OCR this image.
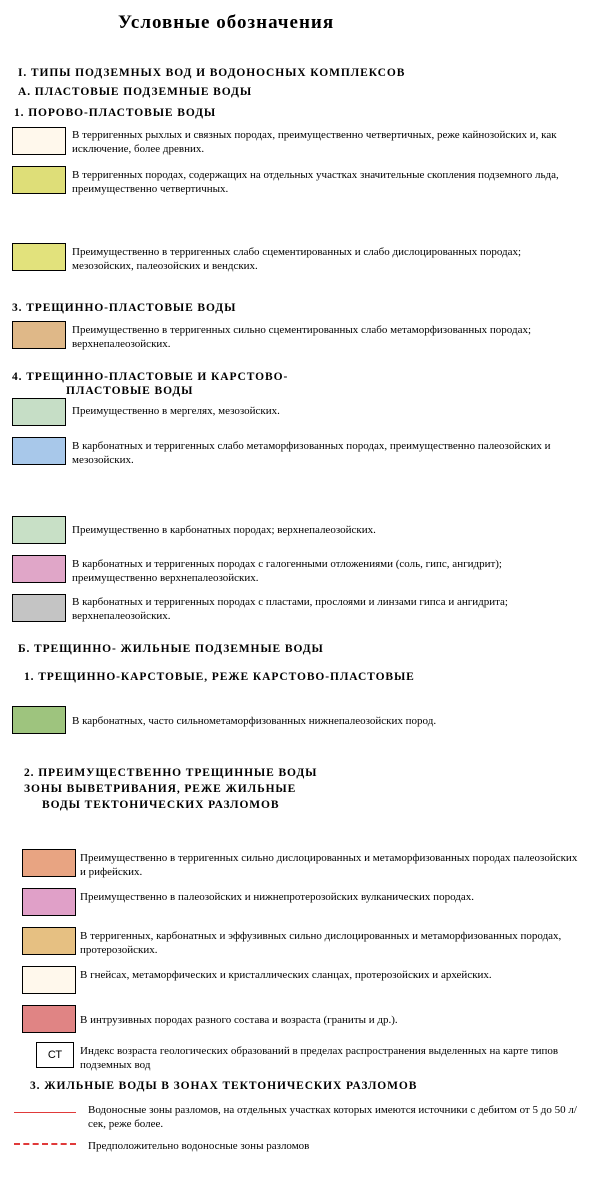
Условные обозначения
I. ТИПЫ ПОДЗЕМНЫХ ВОД И ВОДОНОСНЫХ КОМПЛЕКСОВ
А. ПЛАСТОВЫЕ ПОДЗЕМНЫЕ ВОДЫ
1. ПОРОВО-ПЛАСТОВЫЕ ВОДЫ
В терригенных рыхлых и связных породах, преимущественно четвертичных, реже кайнозойских и, как исключение, более древних.
В терригенных породах, содержащих на отдельных участках значительные скопления подземного льда, преимущественно четвертичных.
Преимущественно в терригенных слабо сцементированных и слабо дислоцированных породах; мезозойских, палеозойских и вендских.
3. ТРЕЩИННО-ПЛАСТОВЫЕ ВОДЫ
Преимущественно в терригенных сильно сцементированных слабо метаморфизованных породах; верхнепалеозойских.
4. ТРЕЩИННО-ПЛАСТОВЫЕ И КАРСТОВО-
ПЛАСТОВЫЕ ВОДЫ
Преимущественно в мергелях, мезозойских.
В карбонатных и терригенных слабо метаморфизованных породах, преимущественно палеозойских и мезозойских.
Преимущественно в карбонатных породах; верхнепалеозойских.
В карбонатных и терригенных породах с галогенными отложениями (соль, гипс, ангидрит); преимущественно верхнепалеозойских.
В карбонатных и терригенных породах с пластами, прослоями и линзами гипса и ангидрита; верхнепалеозойских.
Б. ТРЕЩИННО- ЖИЛЬНЫЕ ПОДЗЕМНЫЕ ВОДЫ
1. ТРЕЩИННО-КАРСТОВЫЕ, РЕЖЕ КАРСТОВО-ПЛАСТОВЫЕ
В карбонатных, часто сильнометаморфизованных нижнепалеозойских пород.
2. ПРЕИМУЩЕСТВЕННО ТРЕЩИННЫЕ ВОДЫ
ЗОНЫ ВЫВЕТРИВАНИЯ, РЕЖЕ ЖИЛЬНЫЕ
ВОДЫ ТЕКТОНИЧЕСКИХ РАЗЛОМОВ
Преимущественно в терригенных сильно дислоцированных и метаморфизованных породах палеозойских и рифейских.
Преимущественно в палеозойских и нижнепротерозойских вулканических породах.
В терригенных, карбонатных и эффузивных сильно дислоцированных и метаморфизованных породах, протерозойских.
В гнейсах, метаморфических и кристаллических сланцах, протерозойских и архейских.
В интрузивных породах разного состава и возраста (граниты и др.).
СТ	Индекс возраста геологических образований в пределах распространения выделенных на карте типов подземных вод
3. ЖИЛЬНЫЕ ВОДЫ В ЗОНАХ ТЕКТОНИЧЕСКИХ РАЗЛОМОВ
Водоносные зоны разломов, на отдельных участках которых имеются источники с дебитом от 5 до 50 л/сек, реже более.
Предположительно водоносные зоны разломов
